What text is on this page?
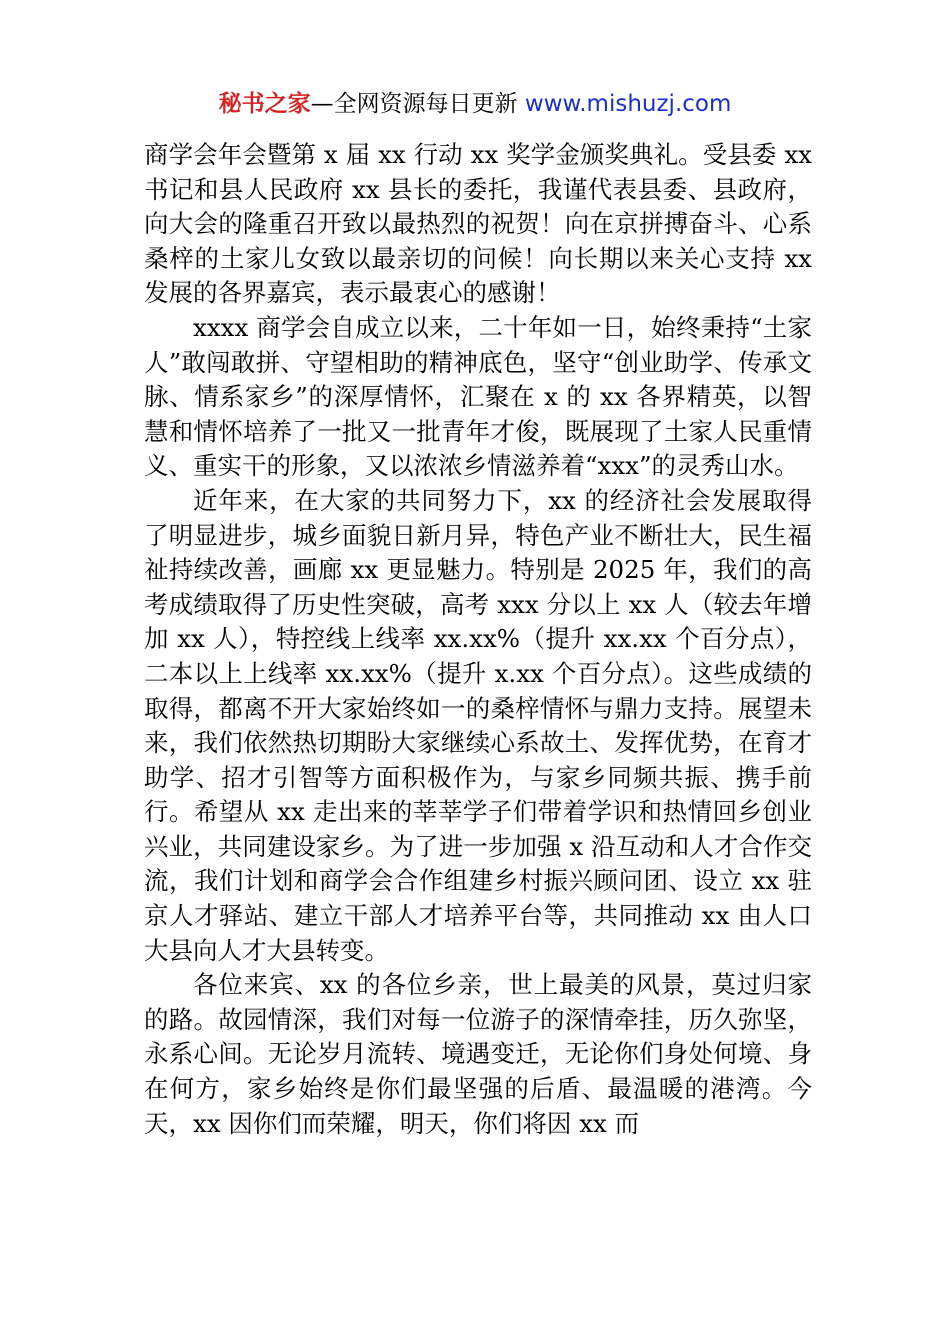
秘书之家—全网资源每日更新 www.mishuzj.com

商学会年会暨第 x 届 xx 行动 xx 奖学金颁奖典礼。受县委 xx 书记和县人民政府 xx 县长的委托，我谨代表县委、县政府，向大会的隆重召开致以最热烈的祝贺！向在京拼搏奋斗、心系桑梓的土家儿女致以最亲切的问候！向长期以来关心支持 xx 发展的各界嘉宾，表示最衷心的感谢！

xxxx 商学会自成立以来，二十年如一日，始终秉持“土家人”敢闯敢拼、守望相助的精神底色，坚守“创业助学、传承文脉、情系家乡”的深厚情怀，汇聚在 x 的 xx 各界精英，以智慧和情怀培养了一批又一批青年才俊，既展现了土家人民重情义、重实干的形象，又以浓浓乡情滋养着“xxx”的灵秀山水。

近年来，在大家的共同努力下，xx 的经济社会发展取得了明显进步，城乡面貌日新月异，特色产业不断壮大，民生福祉持续改善，画廊 xx 更显魅力。特别是 2025 年，我们的高考成绩取得了历史性突破，高考 xxx 分以上 xx 人（较去年增加 xx 人），特控线上线率 xx.xx%（提升 xx.xx 个百分点），二本以上上线率 xx.xx%（提升 x.xx 个百分点）。这些成绩的取得，都离不开大家始终如一的桑梓情怀与鼎力支持。展望未来，我们依然热切期盼大家继续心系故土、发挥优势，在育才助学、招才引智等方面积极作为，与家乡同频共振、携手前行。希望从 xx 走出来的莘莘学子们带着学识和热情回乡创业兴业，共同建设家乡。为了进一步加强 x 沿互动和人才合作交流，我们计划和商学会合作组建乡村振兴顾问团、设立 xx 驻京人才驿站、建立干部人才培养平台等，共同推动 xx 由人口大县向人才大县转变。

各位来宾、xx 的各位乡亲，世上最美的风景，莫过归家的路。故园情深，我们对每一位游子的深情牵挂，历久弥坚，永系心间。无论岁月流转、境遇变迁，无论你们身处何境、身在何方，家乡始终是你们最坚强的后盾、最温暖的港湾。今天，xx 因你们而荣耀，明天，你们将因 xx 而
